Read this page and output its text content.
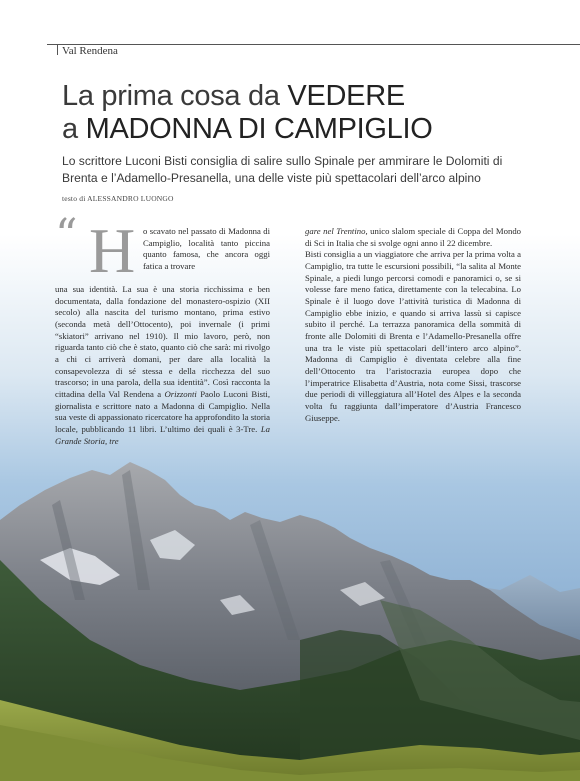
Val Rendena
La prima cosa da VEDERE
a MADONNA DI CAMPIGLIO
Lo scrittore Luconi Bisti consiglia di salire sullo Spinale per ammirare le Dolomiti di Brenta e l’Adamello-Presanella, una delle viste più spettacolari dell’arco alpino
testo di ALESSANDRO LUONGO
“ H o scavato nel passato di Madonna di Campiglio, località tanto piccina quanto famosa, che ancora oggi fatica a trovare
una sua identità. La sua è una storia ricchissima e ben documentata, dalla fondazione del monastero-ospizio (XII secolo) alla nascita del turismo montano, prima estivo (seconda metà dell’Ottocento), poi invernale (i primi “skiatori” arrivano nel 1910). Il mio lavoro, però, non riguarda tanto ciò che è stato, quanto ciò che sarà: mi rivolgo a chi ci arriverà domani, per dare alla località la consapevolezza di sé stessa e della ricchezza del suo trascorso; in una parola, della sua identità”. Così racconta la cittadina della Val Rendena a Orizzonti Paolo Luconi Bisti, giornalista e scrittore nato a Madonna di Campiglio. Nella sua veste di appassionato ricercatore ha approfondito la storia locale, pubblicando 11 libri. L’ultimo dei quali è 3-Tre. La Grande Storia, tre
gare nel Trentino, unico slalom speciale di Coppa del Mondo di Sci in Italia che si svolge ogni anno il 22 dicembre.
Bisti consiglia a un viaggiatore che arriva per la prima volta a Campiglio, tra tutte le escursioni possibili, “la salita al Monte Spinale, a piedi lungo percorsi comodi e panoramici o, se si volesse fare meno fatica, direttamente con la telecabina. Lo Spinale è il luogo dove l’attività turistica di Madonna di Campiglio ebbe inizio, e quando si arriva lassù si capisce subito il perché. La terrazza panoramica della sommità di fronte alle Dolomiti di Brenta e l’Adamello-Presanella offre una tra le viste più spettacolari dell’intero arco alpino”. Madonna di Campiglio è diventata celebre alla fine dell’Ottocento tra l’aristocrazia europea dopo che l’imperatrice Elisabetta d’Austria, nota come Sissi, trascorse due periodi di villeggiatura all’Hotel des Alpes e la seconda volta fu raggiunta dall’imperatore d’Austria Francesco Giuseppe.
